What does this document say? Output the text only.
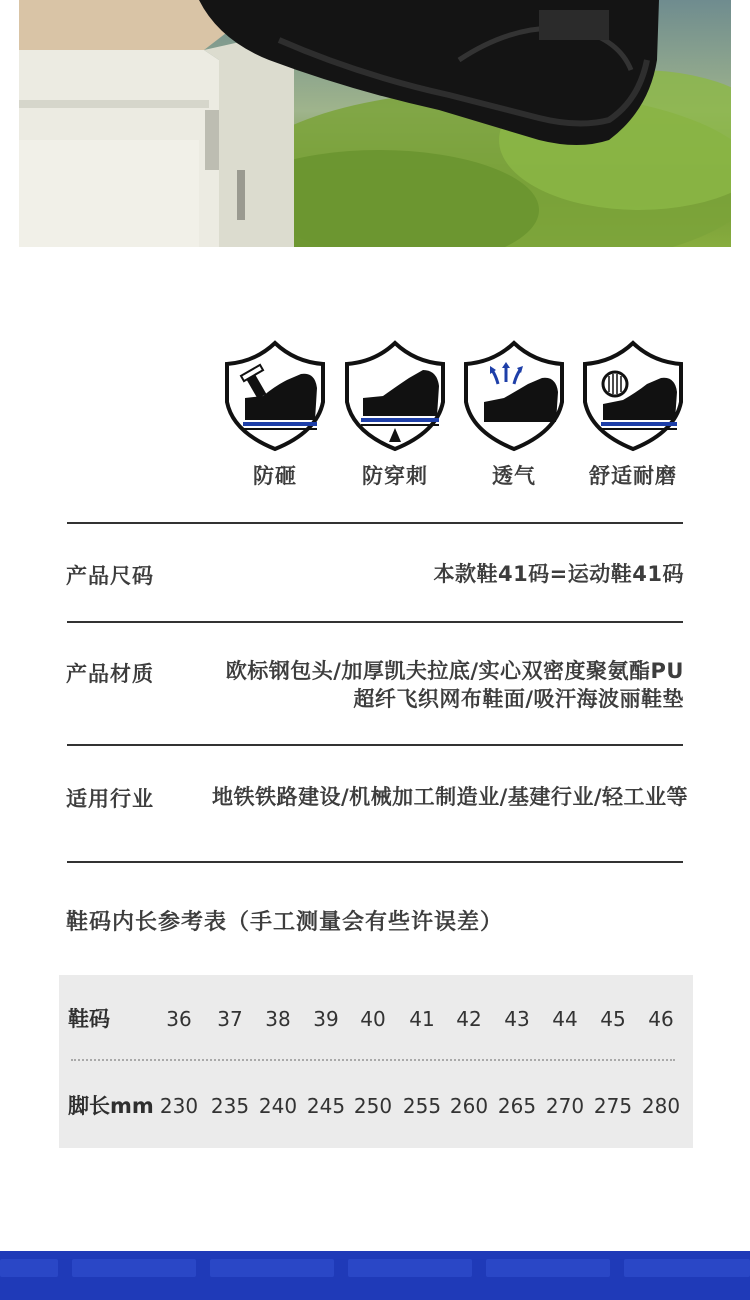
防砸	防穿刺	透气	舒适耐磨
产品尺码	本款鞋41码=运动鞋41码
产品材质	欧标钢包头/加厚凯夫拉底/实心双密度聚氨酯PU
超纤飞织网布鞋面/吸汗海波丽鞋垫
适用行业	地铁铁路建设/机械加工制造业/基建行业/轻工业等
鞋码内长参考表（手工测量会有些许误差）
鞋码	36	37	38	39	40	41	42	43	44	45	46
脚长mm 230 235 240 245 250 255 260 265 270 275 280
